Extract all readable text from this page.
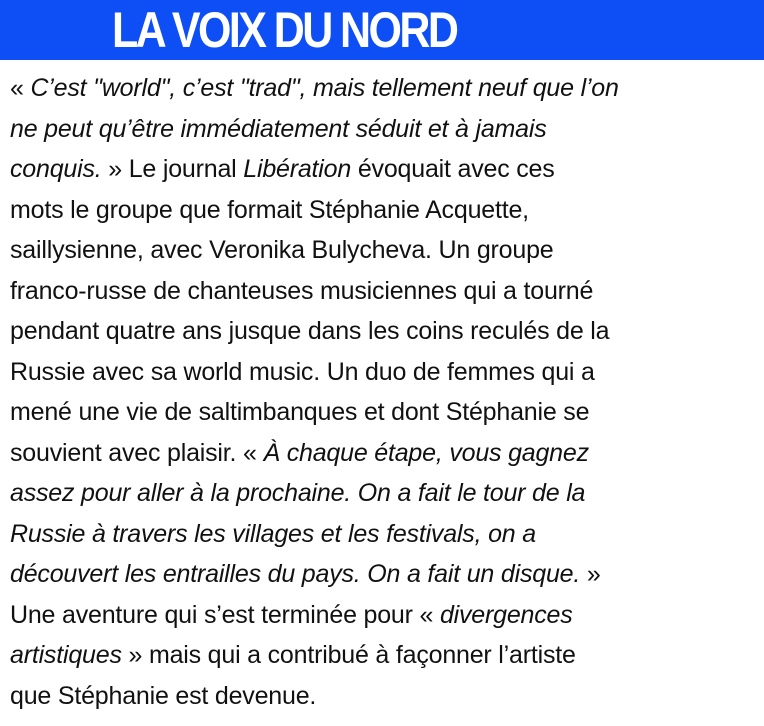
LA VOIX DU NORD
« C’est "world", c’est "trad", mais tellement neuf que l’on
ne peut qu’être immédiatement séduit et à jamais
conquis. » Le journal Libération évoquait avec ces
mots le groupe que formait Stéphanie Acquette,
saillysienne, avec Veronika Bulycheva. Un groupe
franco-russe de chanteuses musiciennes qui a tourné
pendant quatre ans jusque dans les coins reculés de la
Russie avec sa world music. Un duo de femmes qui a
mené une vie de saltimbanques et dont Stéphanie se
souvient avec plaisir. « À chaque étape, vous gagnez
assez pour aller à la prochaine. On a fait le tour de la
Russie à travers les villages et les festivals, on a
découvert les entrailles du pays. On a fait un disque. »
Une aventure qui s’est terminée pour « divergences
artistiques » mais qui a contribué à façonner l’artiste
que Stéphanie est devenue.
